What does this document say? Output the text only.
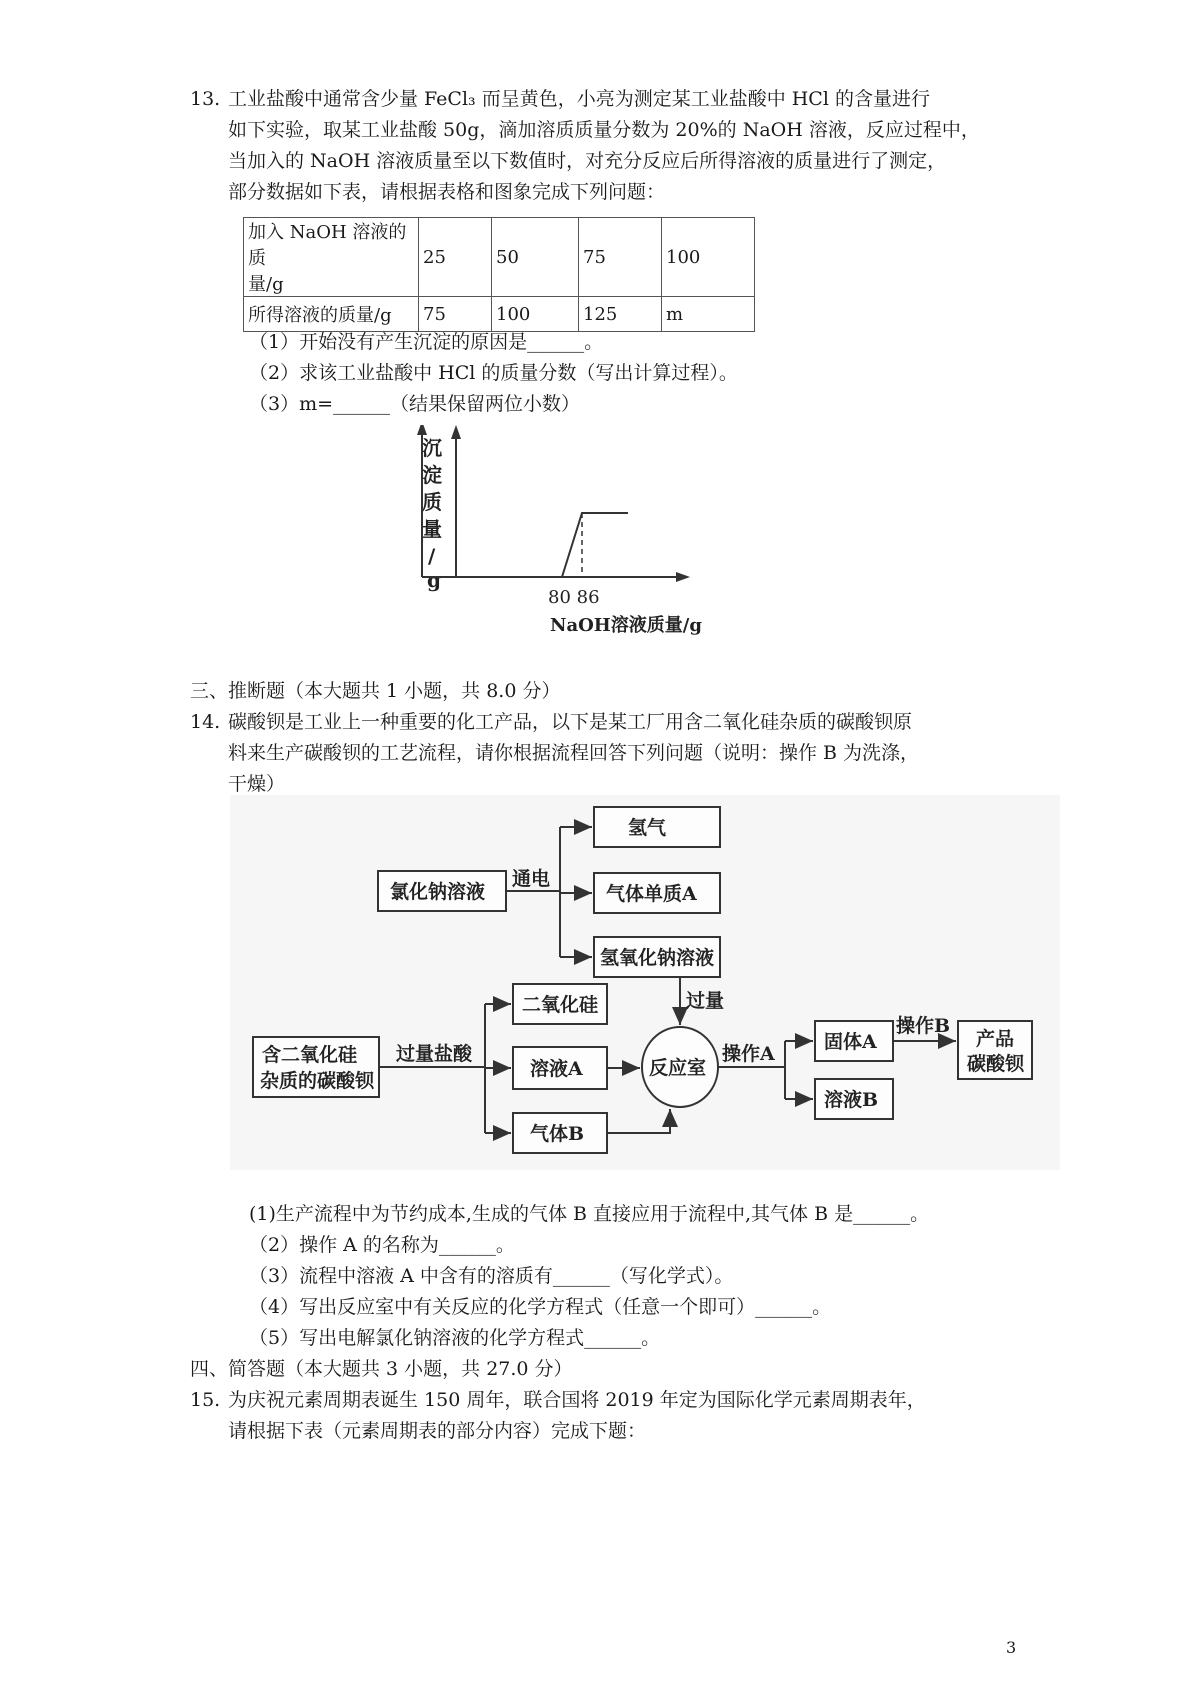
13. 工业盐酸中通常含少量 FeCl₃ 而呈黄色，小亮为测定某工业盐酸中 HCl 的含量进行
如下实验，取某工业盐酸 50g，滴加溶质质量分数为 20%的 NaOH 溶液，反应过程中，
当加入的 NaOH 溶液质量至以下数值时，对充分反应后所得溶液的质量进行了测定，
部分数据如下表，请根据表格和图象完成下列问题：
加入 NaOH 溶液的质
量/g	25	50	75	100
所得溶液的质量/g	75	100	125	m
（1）开始没有产生沉淀的原因是______。
（2）求该工业盐酸中 HCl 的质量分数（写出计算过程）。
（3）m=______（结果保留两位小数）
沉
淀
质
量
/
g
80 86
NaOH溶液质量/g
三、推断题（本大题共 1 小题，共 8.0 分）
14. 碳酸钡是工业上一种重要的化工产品，以下是某工厂用含二氧化硅杂质的碳酸钡原
料来生产碳酸钡的工艺流程，请你根据流程回答下列问题（说明：操作 B 为洗涤，
干燥）
氢气
气体单质A
氢氧化钠溶液
氯化钠溶液
通电
过量
二氧化硅
含二氧化硅
杂质的碳酸钡
过量盐酸
溶液A	反应室
操作A
固体A
操作B
产品
碳酸钡
溶液B
气体B
(1)生产流程中为节约成本,生成的气体 B 直接应用于流程中,其气体 B 是______。
（2）操作 A 的名称为______。
（3）流程中溶液 A 中含有的溶质有______（写化学式）。
（4）写出反应室中有关反应的化学方程式（任意一个即可）______。
（5）写出电解氯化钠溶液的化学方程式______。
四、简答题（本大题共 3 小题，共 27.0 分）
15. 为庆祝元素周期表诞生 150 周年，联合国将 2019 年定为国际化学元素周期表年，
请根据下表（元素周期表的部分内容）完成下题：
3
